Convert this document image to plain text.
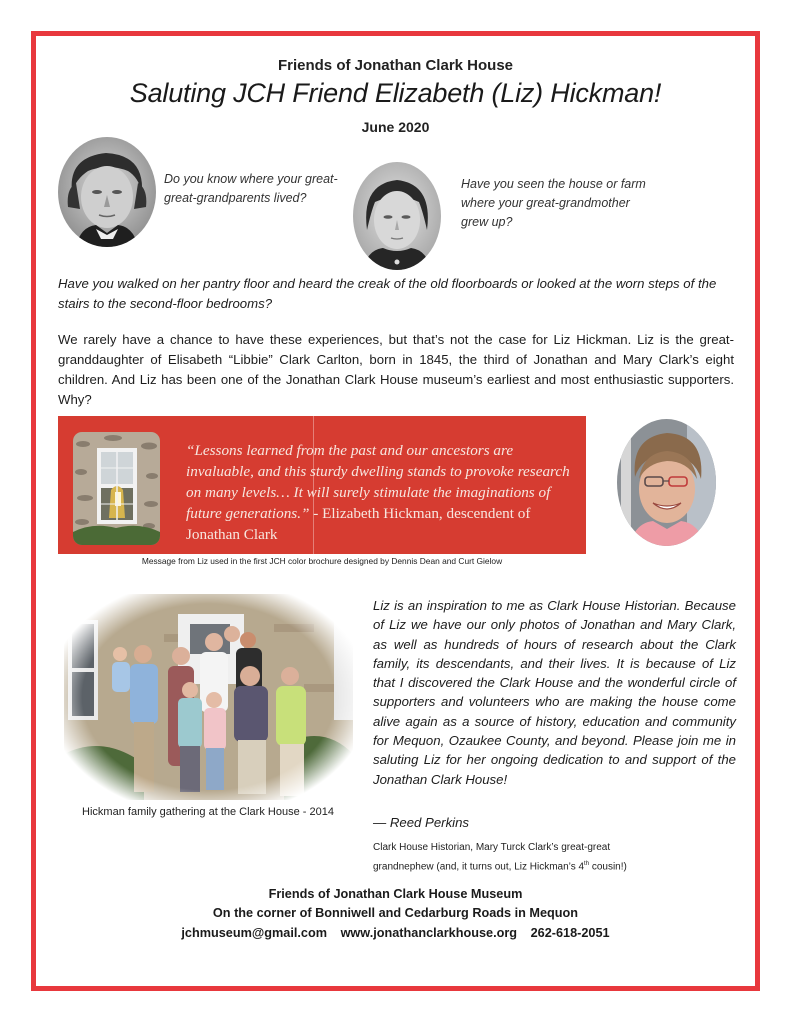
Friends of Jonathan Clark House
Saluting JCH Friend Elizabeth (Liz) Hickman!
June 2020
Do you know where your great-
great-grandparents lived?
Have you seen the house or farm
where your great-grandmother
grew up?
Have you walked on her pantry floor and heard the creak of the old floorboards or looked at the worn steps of the stairs to the second-floor bedrooms?
We rarely have a chance to have these experiences, but that’s not the case for Liz Hickman. Liz is the great-granddaughter of Elisabeth “Libbie” Clark Carlton, born in 1845, the third of Jonathan and Mary Clark’s eight children. And Liz has been one of the Jonathan Clark House museum’s earliest and most enthusiastic supporters. Why?
“Lessons learned from the past and our ancestors are invaluable, and this sturdy dwelling stands to provoke research on many levels… It will surely stimulate the imaginations of future generations.” - Elizabeth Hickman, descendent of Jonathan Clark
Message from Liz used in the first JCH color brochure designed by Dennis Dean and Curt Gielow
Hickman family gathering at the Clark House - 2014
Liz is an inspiration to me as Clark House Historian. Because of Liz we have our only photos of Jonathan and Mary Clark, as well as hundreds of hours of research about the Clark family, its descendants, and their lives. It is because of Liz that I discovered the Clark House and the wonderful circle of supporters and volunteers who are making the house come alive again as a source of history, education and community for Mequon, Ozaukee County, and beyond. Please join me in saluting Liz for her ongoing dedication to and support of the Jonathan Clark House!
— Reed Perkins
Clark House Historian, Mary Turck Clark’s great-great
grandnephew (and, it turns out, Liz Hickman’s 4th cousin!)
Friends of Jonathan Clark House Museum
On the corner of Bonniwell and Cedarburg Roads in Mequon
jchmuseum@gmail.com www.jonathanclarkhouse.org 262-618-2051
